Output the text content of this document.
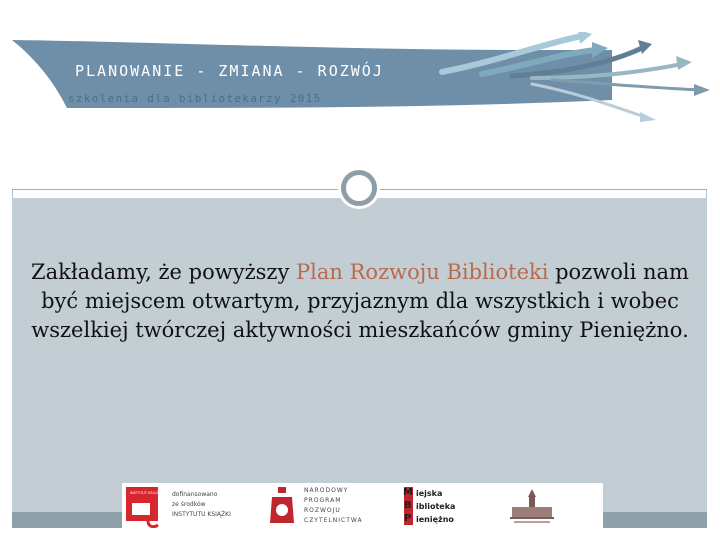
PLANOWANIE - ZMIANA - ROZWÓJ
szkolenia dla bibliotekarzy 2015
Zakładamy, że powyższy Plan Rozwoju Biblioteki pozwoli nam być miejscem otwartym, przyjaznym dla wszystkich i wobec wszelkiej twórczej aktywności mieszkańców gminy Pieniężno.
INSTYTUT KSIĄŻKI dofinansowano
ze środków
INSTYTUTU KSIĄŻKI
NARODOWY
PROGRAM
ROZWOJU
CZYTELNICTWA
M
B
P
iejska
iblioteka
ieniężno
